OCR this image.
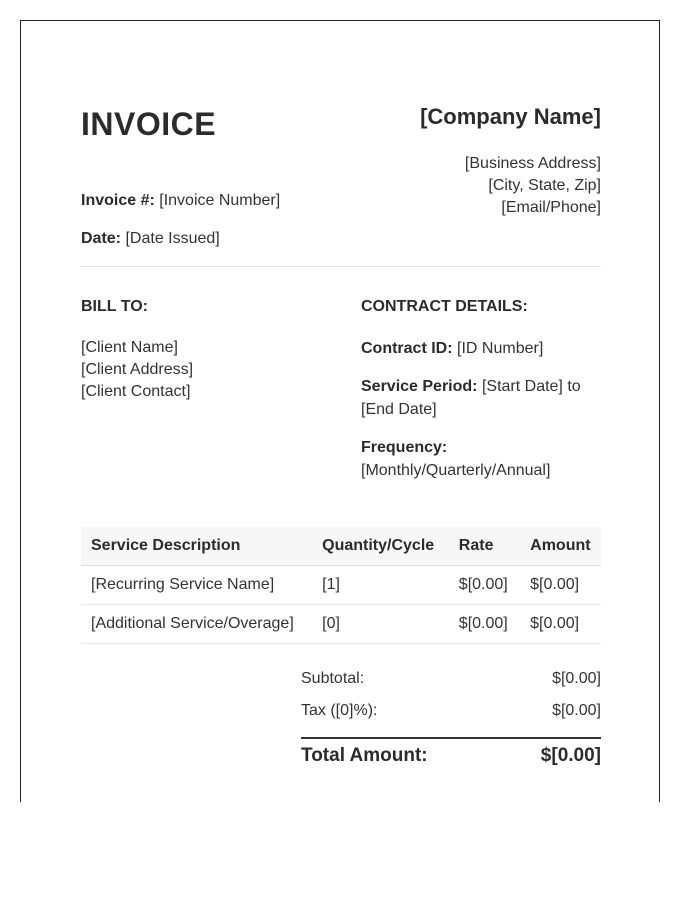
INVOICE
Invoice #: [Invoice Number]
Date: [Date Issued]
[Company Name]
[Business Address]
[City, State, Zip]
[Email/Phone]
BILL TO:
[Client Name]
[Client Address]
[Client Contact]
CONTRACT DETAILS:

Contract ID: [ID Number]

Service Period: [Start Date] to [End Date]

Frequency:
[Monthly/Quarterly/Annual]

Service Description	Quantity/Cycle	Rate	Amount
[Recurring Service Name]	[1]	$[0.00]	$[0.00]
[Additional Service/Overage]	[0]	$[0.00]	$[0.00]
Subtotal:	$[0.00]
Tax ([0]%):	$[0.00]
Total Amount:	$[0.00]
